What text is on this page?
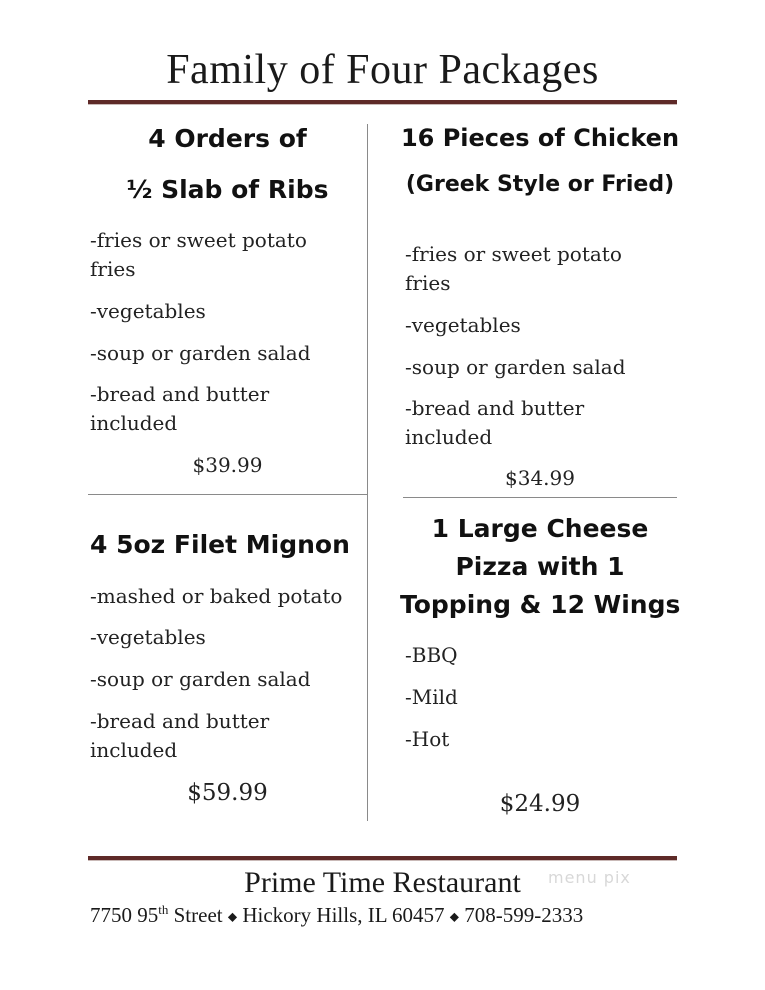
Family of Four Packages
4 Orders of
½ Slab of Ribs
-fries or sweet potato
fries
-vegetables
-soup or garden salad
-bread and butter
included
$39.99
16 Pieces of Chicken
(Greek Style or Fried)
-fries or sweet potato
fries
-vegetables
-soup or garden salad
-bread and butter
included
$34.99
4 5oz Filet Mignon
-mashed or baked potato
-vegetables
-soup or garden salad
-bread and butter
included
$59.99
1 Large Cheese
Pizza with 1
Topping & 12 Wings
-BBQ
-Mild
-Hot
$24.99
Prime Time Restaurant
7750 95th Street ◆ Hickory Hills, IL 60457 ◆ 708-599-2333
menu pix
